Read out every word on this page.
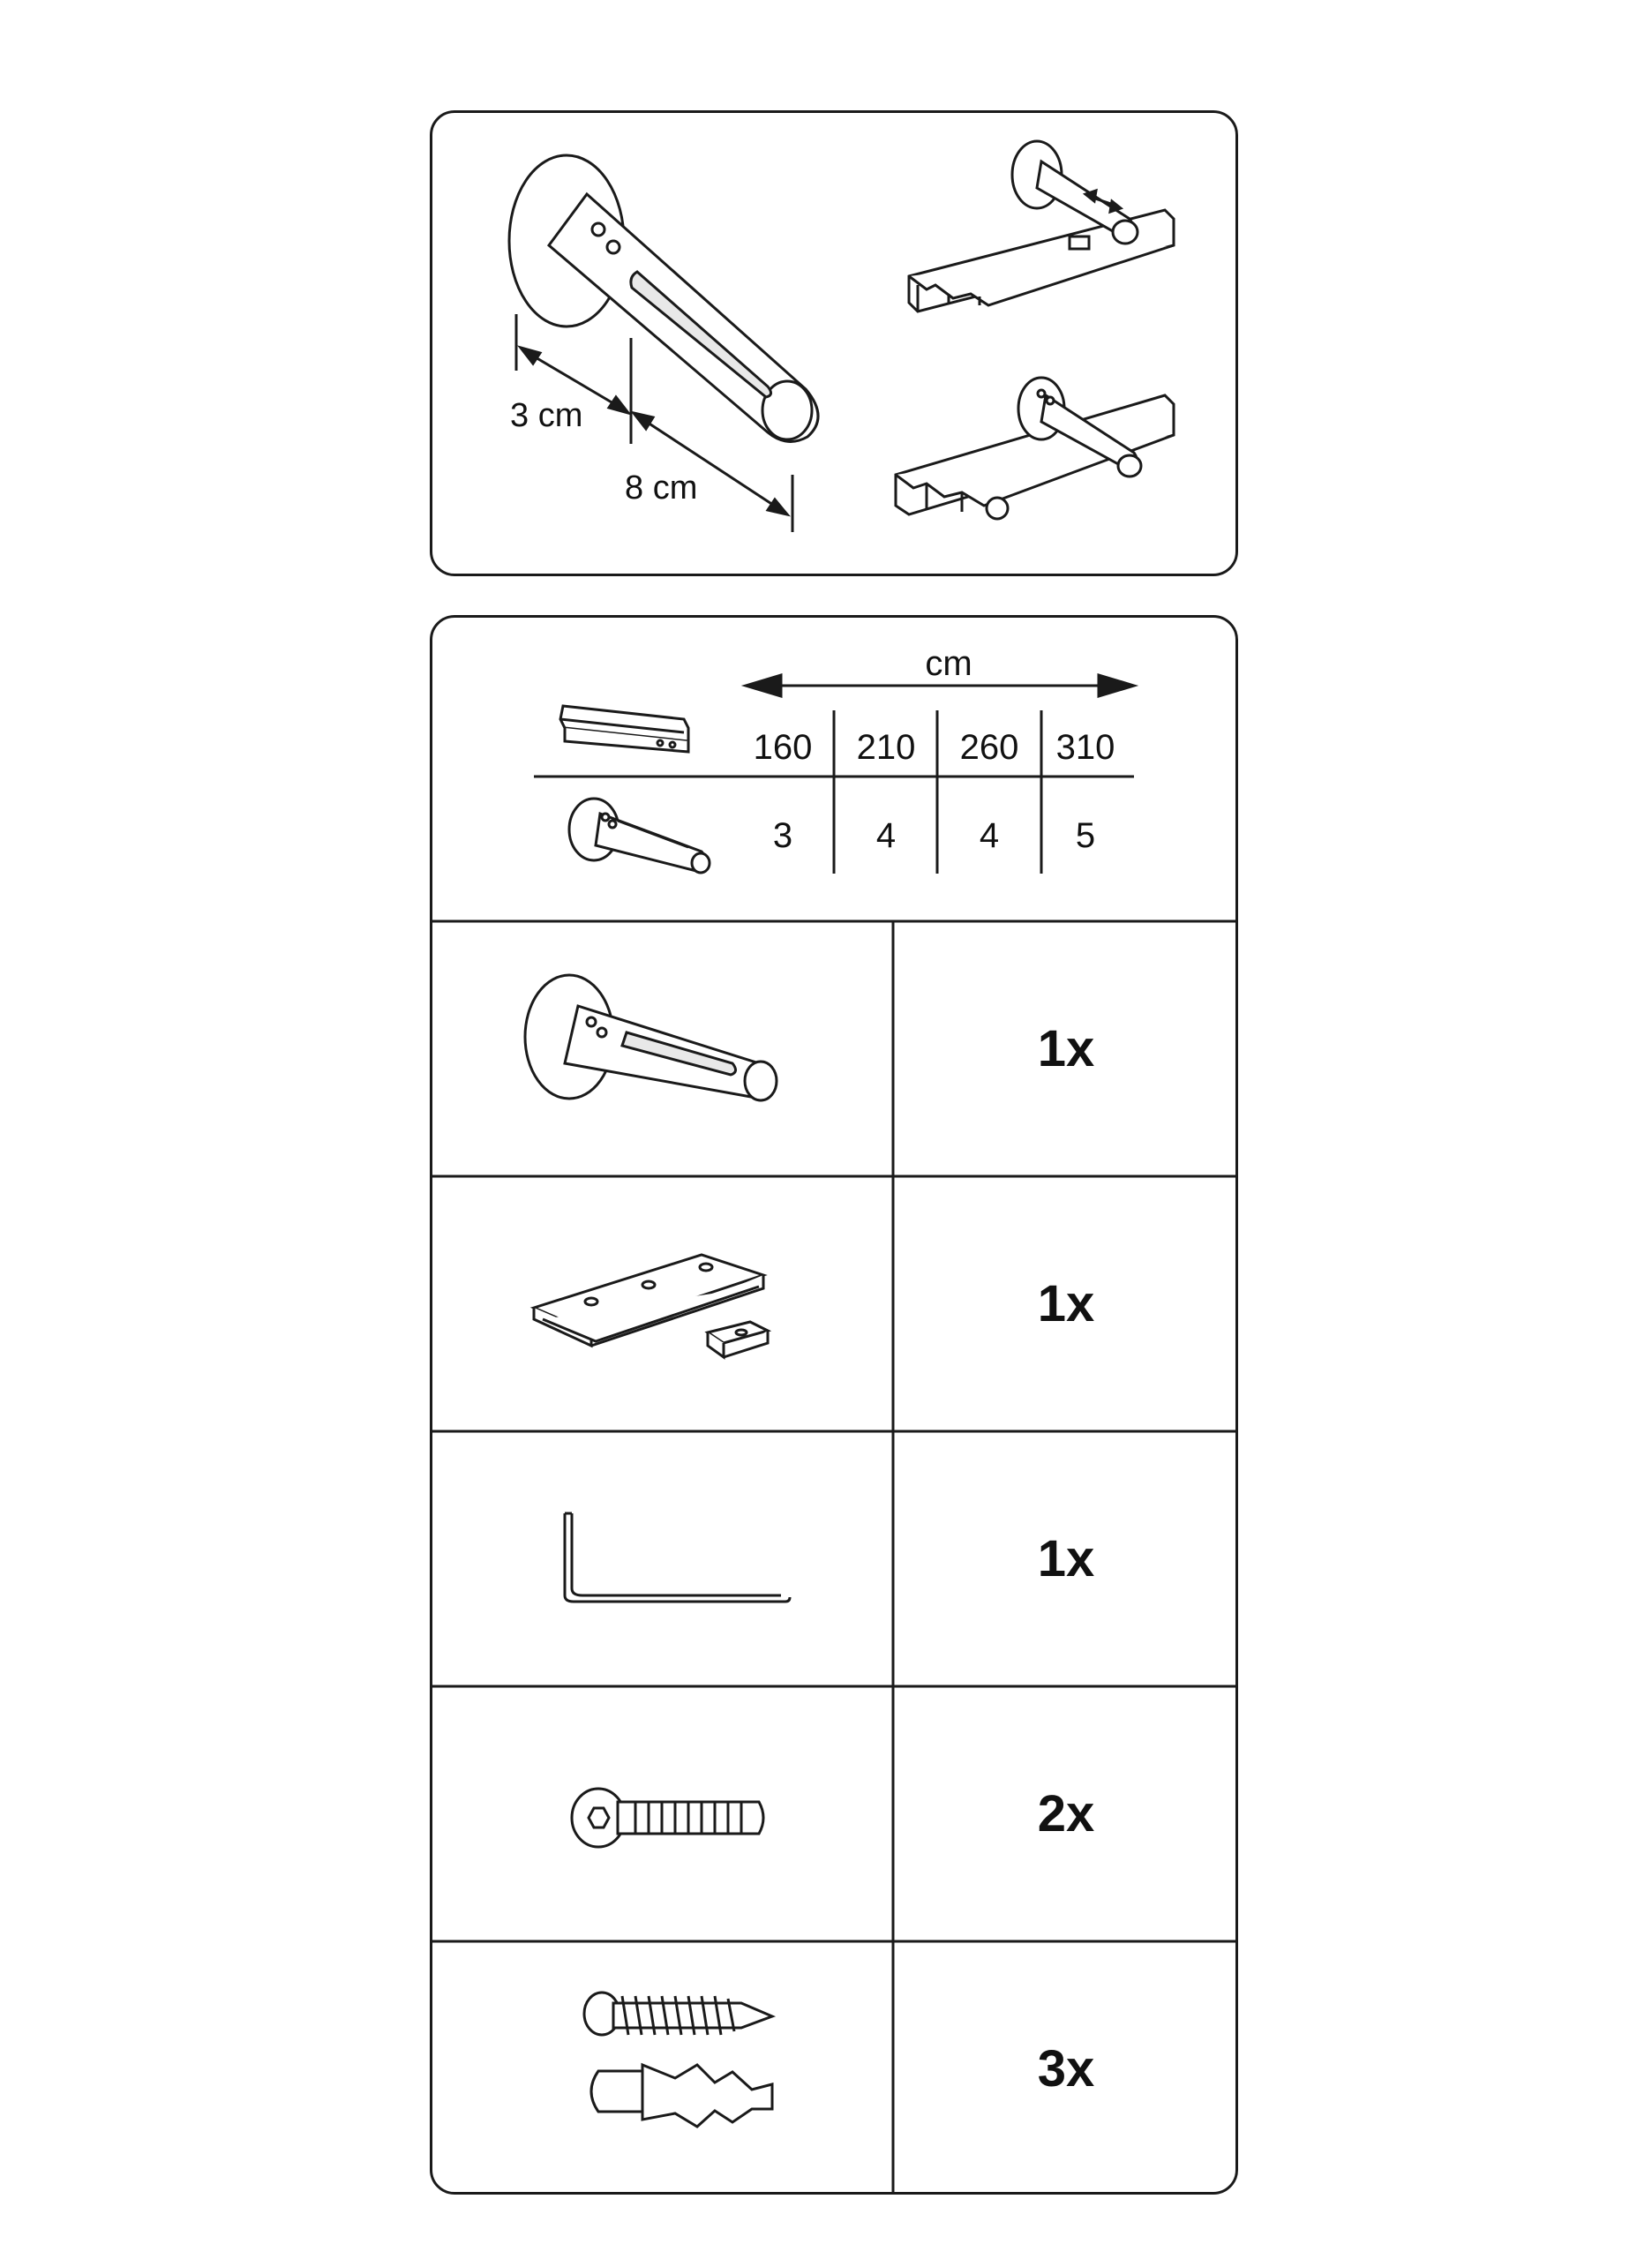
3 cm
8 cm
cm
160 210 260 310
3 4 4 5
1x
1x
1x
2x
3x
